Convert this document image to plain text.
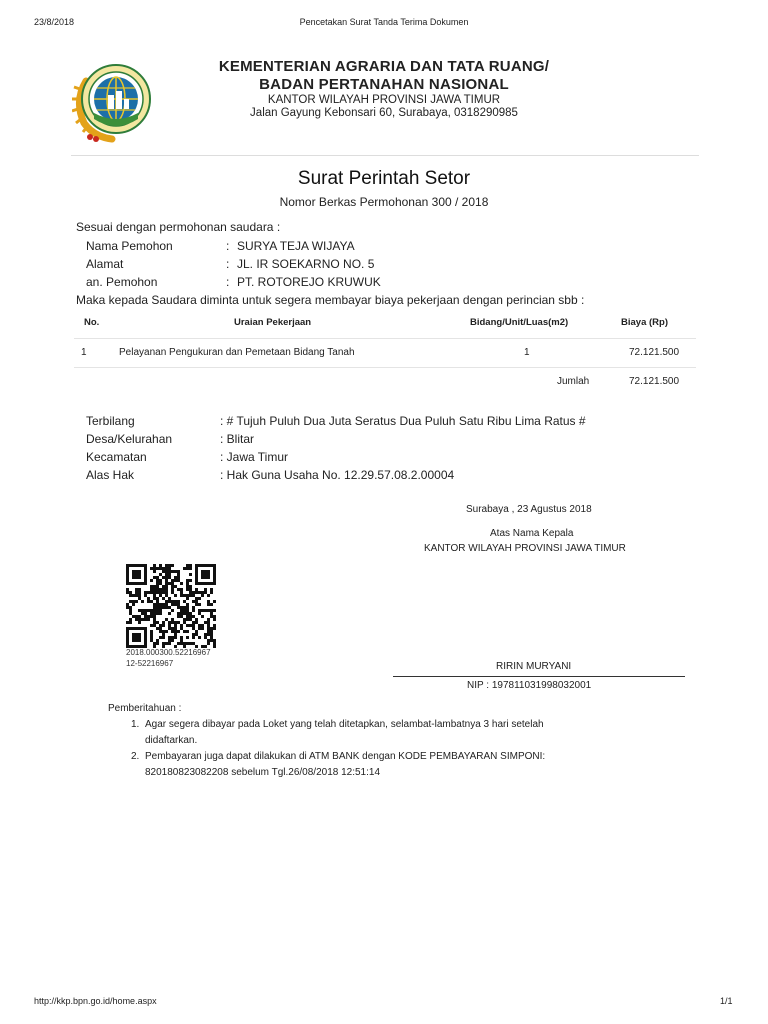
23/8/2018	Pencetakan Surat Tanda Terima Dokumen
KEMENTERIAN AGRARIA DAN TATA RUANG/
BADAN PERTANAHAN NASIONAL
KANTOR WILAYAH PROVINSI JAWA TIMUR
Jalan Gayung Kebonsari 60, Surabaya, 0318290985
Surat Perintah Setor
Nomor Berkas Permohonan 300 / 2018
Sesuai dengan permohonan saudara :
Nama Pemohon	: SURYA TEJA WIJAYA
Alamat	: JL. IR SOEKARNO NO. 5
an. Pemohon	: PT. ROTOREJO KRUWUK
Maka kepada Saudara diminta untuk segera membayar biaya pekerjaan dengan perincian sbb :
No.	Uraian Pekerjaan	Bidang/Unit/Luas(m2)	Biaya (Rp)
1	Pelayanan Pengukuran dan Pemetaan Bidang Tanah	1	72.121.500
Jumlah	72.121.500
Terbilang	: # Tujuh Puluh Dua Juta Seratus Dua Puluh Satu Ribu Lima Ratus #
Desa/Kelurahan	: Blitar
Kecamatan	: Jawa Timur
Alas Hak	: Hak Guna Usaha No. 12.29.57.08.2.00004
Surabaya , 23 Agustus 2018
Atas Nama Kepala
KANTOR WILAYAH PROVINSI JAWA TIMUR
2018.000300.52216967
12-52216967	RIRIN MURYANI
NIP : 197811031998032001
Pemberitahuan :
1. Agar segera dibayar pada Loket yang telah ditetapkan, selambat-lambatnya 3 hari setelah
didaftarkan.
2. Pembayaran juga dapat dilakukan di ATM BANK dengan KODE PEMBAYARAN SIMPONI:
820180823082208 sebelum Tgl.26/08/2018 12:51:14
http://kkp.bpn.go.id/home.aspx	1/1
